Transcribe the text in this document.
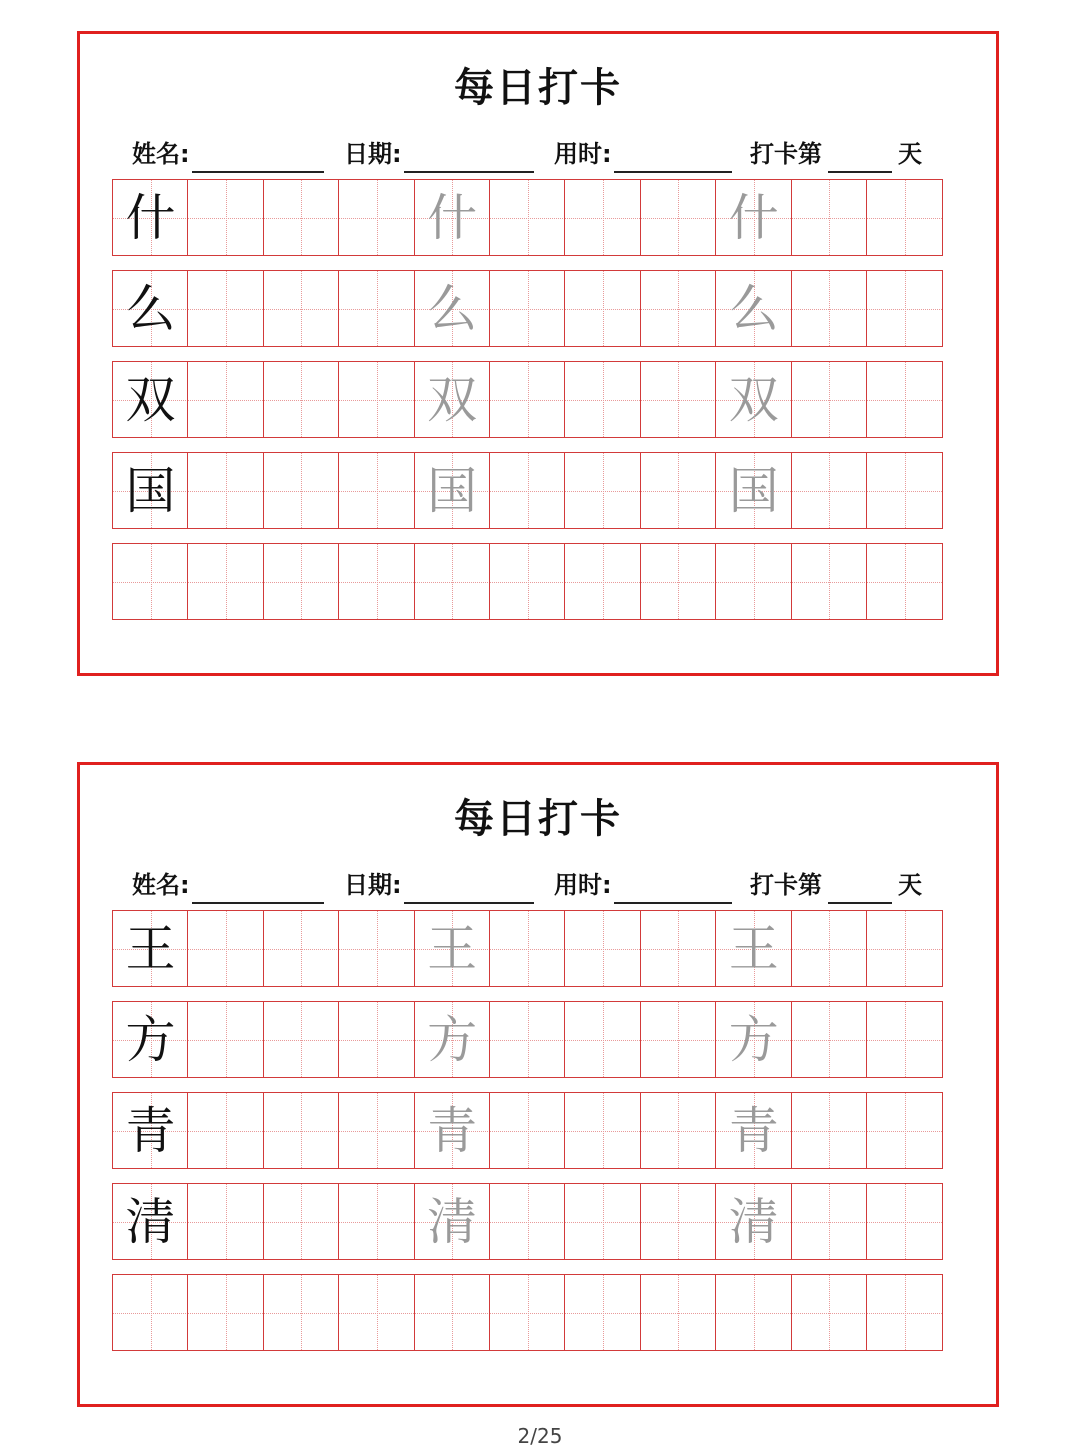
每日打卡
姓名:	日期:	用时:	打卡第	天
什	什	什
么	么	么
双	双	双
国	国	国
每日打卡
姓名:	日期:	用时:	打卡第	天
王	王	王
方	方	方
青	青	青
清	清	清
2/25
